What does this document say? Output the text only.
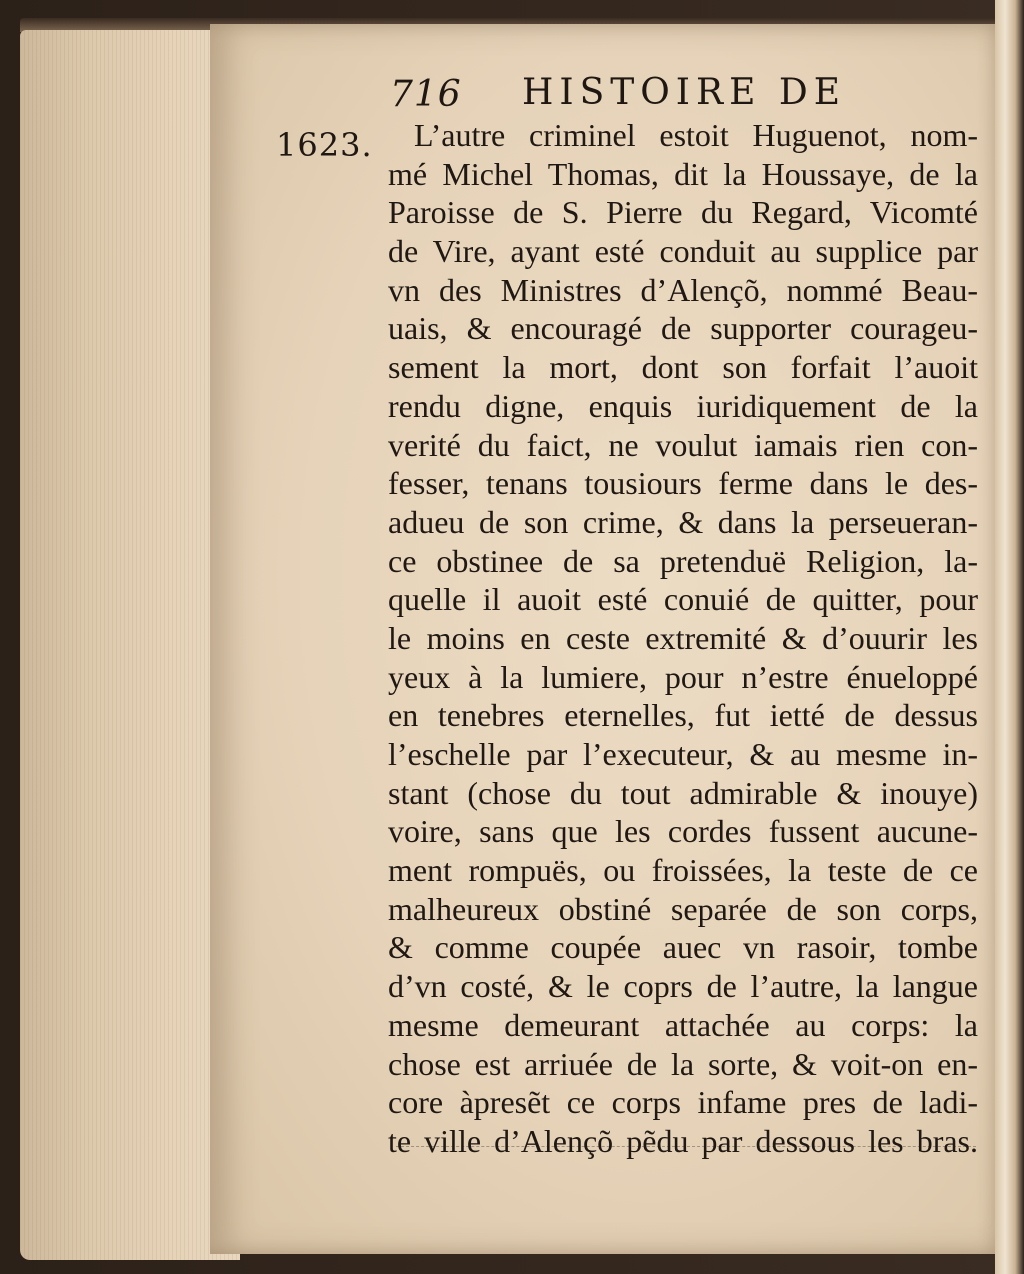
716 HISTOIRE DE
1623.	L’autre criminel estoit Huguenot, nom-
mé Michel Thomas, dit la Houssaye, de la
Paroisse de S. Pierre du Regard, Vicomté
de Vire, ayant esté conduit au supplice par
vn des Ministres d’Alençõ, nommé Beau-
uais, & encouragé de supporter courageu-
sement la mort, dont son forfait l’auoit
rendu digne, enquis iuridiquement de la
verité du faict, ne voulut iamais rien con-
fesser, tenans tousiours ferme dans le des-
adueu de son crime, & dans la perseueran-
ce obstinee de sa pretenduë Religion, la-
quelle il auoit esté conuié de quitter, pour
le moins en ceste extremité & d’ouurir les
yeux à la lumiere, pour n’estre énueloppé
en tenebres eternelles, fut ietté de dessus
l’eschelle par l’executeur, & au mesme in-
stant (chose du tout admirable & inouye)
voire, sans que les cordes fussent aucune-
ment rompuës, ou froissées, la teste de ce
malheureux obstiné separée de son corps,
& comme coupée auec vn rasoir, tombe
d’vn costé, & le coprs de l’autre, la langue
mesme demeurant attachée au corps: la
chose est arriuée de la sorte, & voit-on en-
core àpresẽt ce corps infame pres de ladi-
te ville d’Alençõ pẽdu par dessous les bras.
